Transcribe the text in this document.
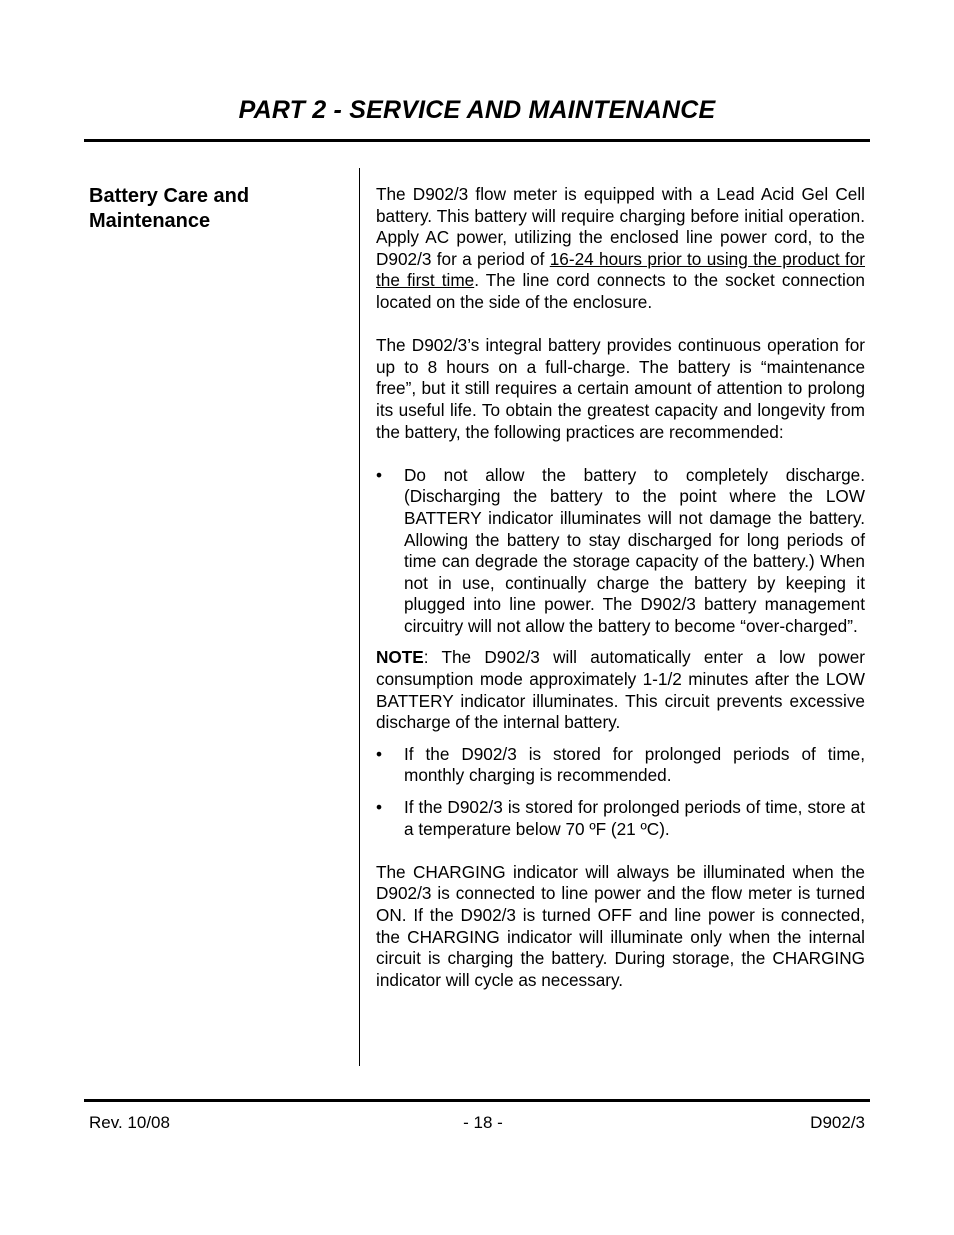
PART 2 - SERVICE AND MAINTENANCE
Battery Care and Maintenance

The D902/3 flow meter is equipped with a Lead Acid Gel Cell battery. This battery will require charging before initial operation. Apply AC power, utilizing the enclosed line power cord, to the D902/3 for a period of 16-24 hours prior to using the product for the first time. The line cord connects to the socket connection located on the side of the enclosure.

The D902/3’s integral battery provides continuous operation for up to 8 hours on a full-charge. The battery is “maintenance free”, but it still requires a certain amount of attention to prolong its useful life. To obtain the greatest capacity and longevity from the battery, the following practices are recommended:

• Do not allow the battery to completely discharge. (Discharging the battery to the point where the LOW BATTERY indicator illuminates will not damage the battery. Allowing the battery to stay discharged for long periods of time can degrade the storage capacity of the battery.) When not in use, continually charge the battery by keeping it plugged into line power. The D902/3 battery management circuitry will not allow the battery to become “over-charged”.

NOTE: The D902/3 will automatically enter a low power consumption mode approximately 1-1/2 minutes after the LOW BATTERY indicator illuminates. This circuit prevents excessive discharge of the internal battery.

• If the D902/3 is stored for prolonged periods of time, monthly charging is recommended.

• If the D902/3 is stored for prolonged periods of time, store at a temperature below 70 ºF (21 ºC).

The CHARGING indicator will always be illuminated when the D902/3 is connected to line power and the flow meter is turned ON. If the D902/3 is turned OFF and line power is connected, the CHARGING indicator will illuminate only when the internal circuit is charging the battery. During storage, the CHARGING indicator will cycle as necessary.

Rev. 10/08	- 18 -	D902/3
